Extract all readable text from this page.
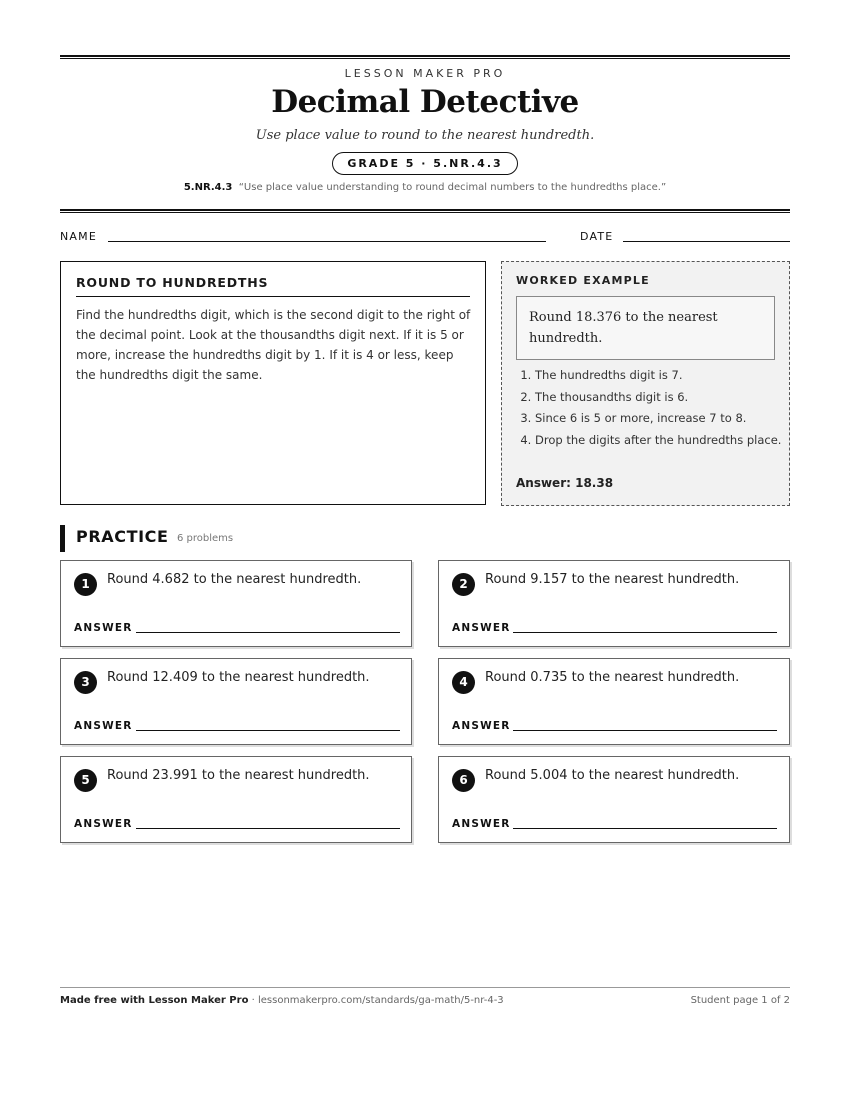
LESSON MAKER PRO
Decimal Detective
Use place value to round to the nearest hundredth.
GRADE 5 · 5.NR.4.3
5.NR.4.3 “Use place value understanding to round decimal numbers to the hundredths place.”
NAME	DATE
ROUND TO HUNDREDTHS
Find the hundredths digit, which is the second digit to the right of the decimal point. Look at the thousandths digit next. If it is 5 or more, increase the hundredths digit by 1. If it is 4 or less, keep the hundredths digit the same.
WORKED EXAMPLE
Round 18.376 to the nearest hundredth.
1. The hundredths digit is 7.
2. The thousandths digit is 6.
3. Since 6 is 5 or more, increase 7 to 8.
4. Drop the digits after the hundredths place.
Answer: 18.38
PRACTICE 6 problems
1	Round 4.682 to the nearest hundredth.
ANSWER
2	Round 9.157 to the nearest hundredth.
ANSWER
3	Round 12.409 to the nearest hundredth.
ANSWER
4	Round 0.735 to the nearest hundredth.
ANSWER
5	Round 23.991 to the nearest hundredth.
ANSWER
6	Round 5.004 to the nearest hundredth.
ANSWER
Made free with Lesson Maker Pro · lessonmakerpro.com/standards/ga-math/5-nr-4-3	Student page 1 of 2
